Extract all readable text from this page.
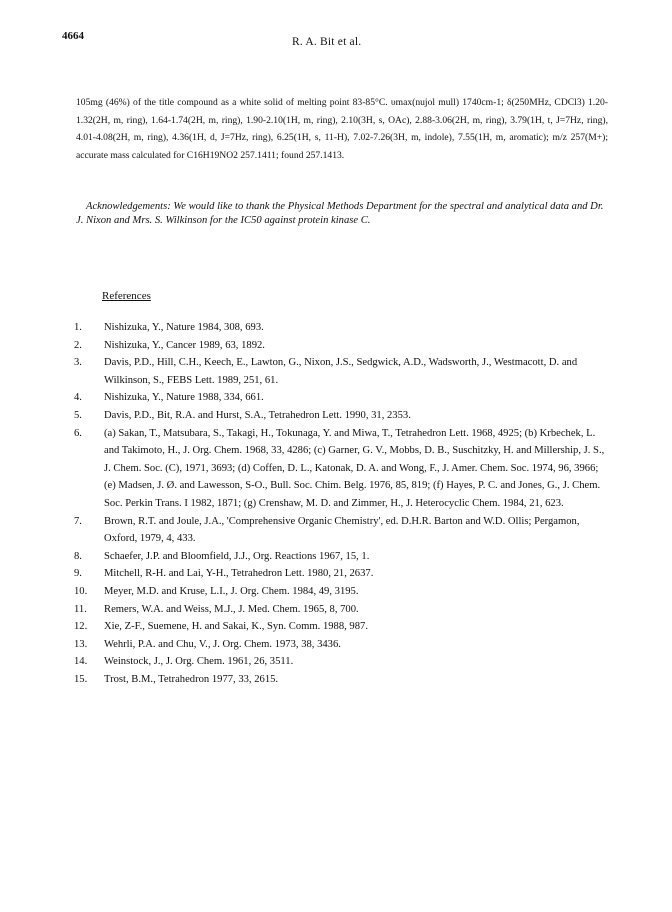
4664	R. A. Bit et al.
105mg (46%) of the title compound as a white solid of melting point 83-85°C. υmax(nujol mull) 1740cm-1; δ(250MHz, CDCl3) 1.20-1.32(2H, m, ring), 1.64-1.74(2H, m, ring), 1.90-2.10(1H, m, ring), 2.10(3H, s, OAc), 2.88-3.06(2H, m, ring), 3.79(1H, t, J=7Hz, ring), 4.01-4.08(2H, m, ring), 4.36(1H, d, J=7Hz, ring), 6.25(1H, s, 11-H), 7.02-7.26(3H, m, indole), 7.55(1H, m, aromatic); m/z 257(M+); accurate mass calculated for C16H19NO2 257.1411; found 257.1413.
Acknowledgements: We would like to thank the Physical Methods Department for the spectral and analytical data and Dr. J. Nixon and Mrs. S. Wilkinson for the IC50 against protein kinase C.
References
1.	Nishizuka, Y., Nature 1984, 308, 693.
2.	Nishizuka, Y., Cancer 1989, 63, 1892.
3.	Davis, P.D., Hill, C.H., Keech, E., Lawton, G., Nixon, J.S., Sedgwick, A.D., Wadsworth, J., Westmacott, D. and Wilkinson, S., FEBS Lett. 1989, 251, 61.
4.	Nishizuka, Y., Nature 1988, 334, 661.
5.	Davis, P.D., Bit, R.A. and Hurst, S.A., Tetrahedron Lett. 1990, 31, 2353.
6.	(a) Sakan, T., Matsubara, S., Takagi, H., Tokunaga, Y. and Miwa, T., Tetrahedron Lett. 1968, 4925; (b) Krbechek, L. and Takimoto, H., J. Org. Chem. 1968, 33, 4286; (c) Garner, G. V., Mobbs, D. B., Suschitzky, H. and Millership, J. S., J. Chem. Soc. (C), 1971, 3693; (d) Coffen, D. L., Katonak, D. A. and Wong, F., J. Amer. Chem. Soc. 1974, 96, 3966; (e) Madsen, J. Ø. and Lawesson, S-O., Bull. Soc. Chim. Belg. 1976, 85, 819; (f) Hayes, P. C. and Jones, G., J. Chem. Soc. Perkin Trans. I 1982, 1871; (g) Crenshaw, M. D. and Zimmer, H., J. Heterocyclic Chem. 1984, 21, 623.
7.	Brown, R.T. and Joule, J.A., 'Comprehensive Organic Chemistry', ed. D.H.R. Barton and W.D. Ollis; Pergamon, Oxford, 1979, 4, 433.
8.	Schaefer, J.P. and Bloomfield, J.J., Org. Reactions 1967, 15, 1.
9.	Mitchell, R-H. and Lai, Y-H., Tetrahedron Lett. 1980, 21, 2637.
10.	Meyer, M.D. and Kruse, L.I., J. Org. Chem. 1984, 49, 3195.
11.	Remers, W.A. and Weiss, M.J., J. Med. Chem. 1965, 8, 700.
12.	Xie, Z-F., Suemene, H. and Sakai, K., Syn. Comm. 1988, 987.
13.	Wehrli, P.A. and Chu, V., J. Org. Chem. 1973, 38, 3436.
14.	Weinstock, J., J. Org. Chem. 1961, 26, 3511.
15.	Trost, B.M., Tetrahedron 1977, 33, 2615.
